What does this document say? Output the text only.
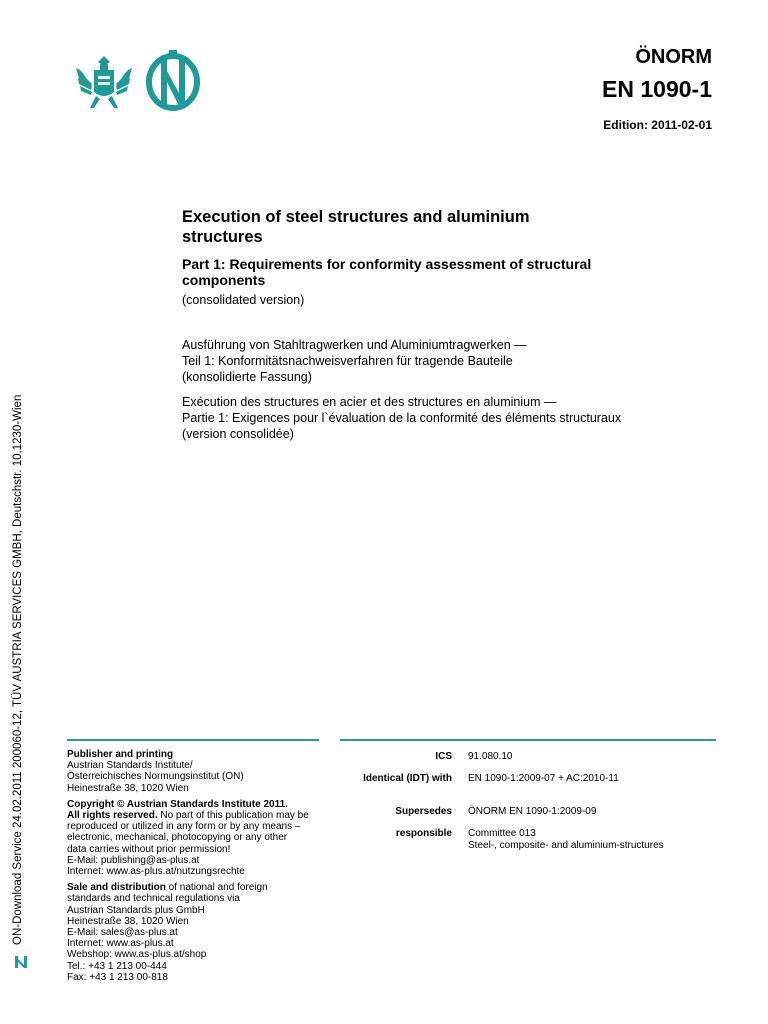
ÖNORM
EN 1090-1
Edition: 2011-02-01
Execution of steel structures and aluminium structures
Part 1: Requirements for conformity assessment of structural components
(consolidated version)
Ausführung von Stahltragwerken und Aluminiumtragwerken —
Teil 1: Konformitätsnachweisverfahren für tragende Bauteile
(konsolidierte Fassung)
Exécution des structures en acier et des structures en aluminium —
Partie 1: Exigences pour l`évaluation de la conformité des éléments structuraux
(version consolidée)
Publisher and printing
Austrian Standards Institute/
Österreichisches Normungsinstitut (ON)
Heinestraße 38, 1020 Wien
Copyright © Austrian Standards Institute 2011.
All rights reserved. No part of this publication may be
reproduced or utilized in any form or by any means –
electronic, mechanical, photocopying or any other
data carries without prior permission!
E-Mail: publishing@as-plus.at
Internet: www.as-plus.at/nutzungsrechte
Sale and distribution of national and foreign
standards and technical regulations via
Austrian Standards plus GmbH
Heinestraße 38, 1020 Wien
E-Mail: sales@as-plus.at
Internet: www.as-plus.at
Webshop: www.as-plus.at/shop
Tel.: +43 1 213 00-444
Fax: +43 1 213 00-818
ICS 91.080.10
Identical (IDT) with EN 1090-1:2009-07 + AC:2010-11
Supersedes ÖNORM EN 1090-1:2009-09
responsible Committee 013
Steel-, composite- and aluminium-structures
ON-Download Service 24.02.2011 200060-12, TÜV AUSTRIA SERVICES GMBH, Deutschstr. 10,1230-Wien
